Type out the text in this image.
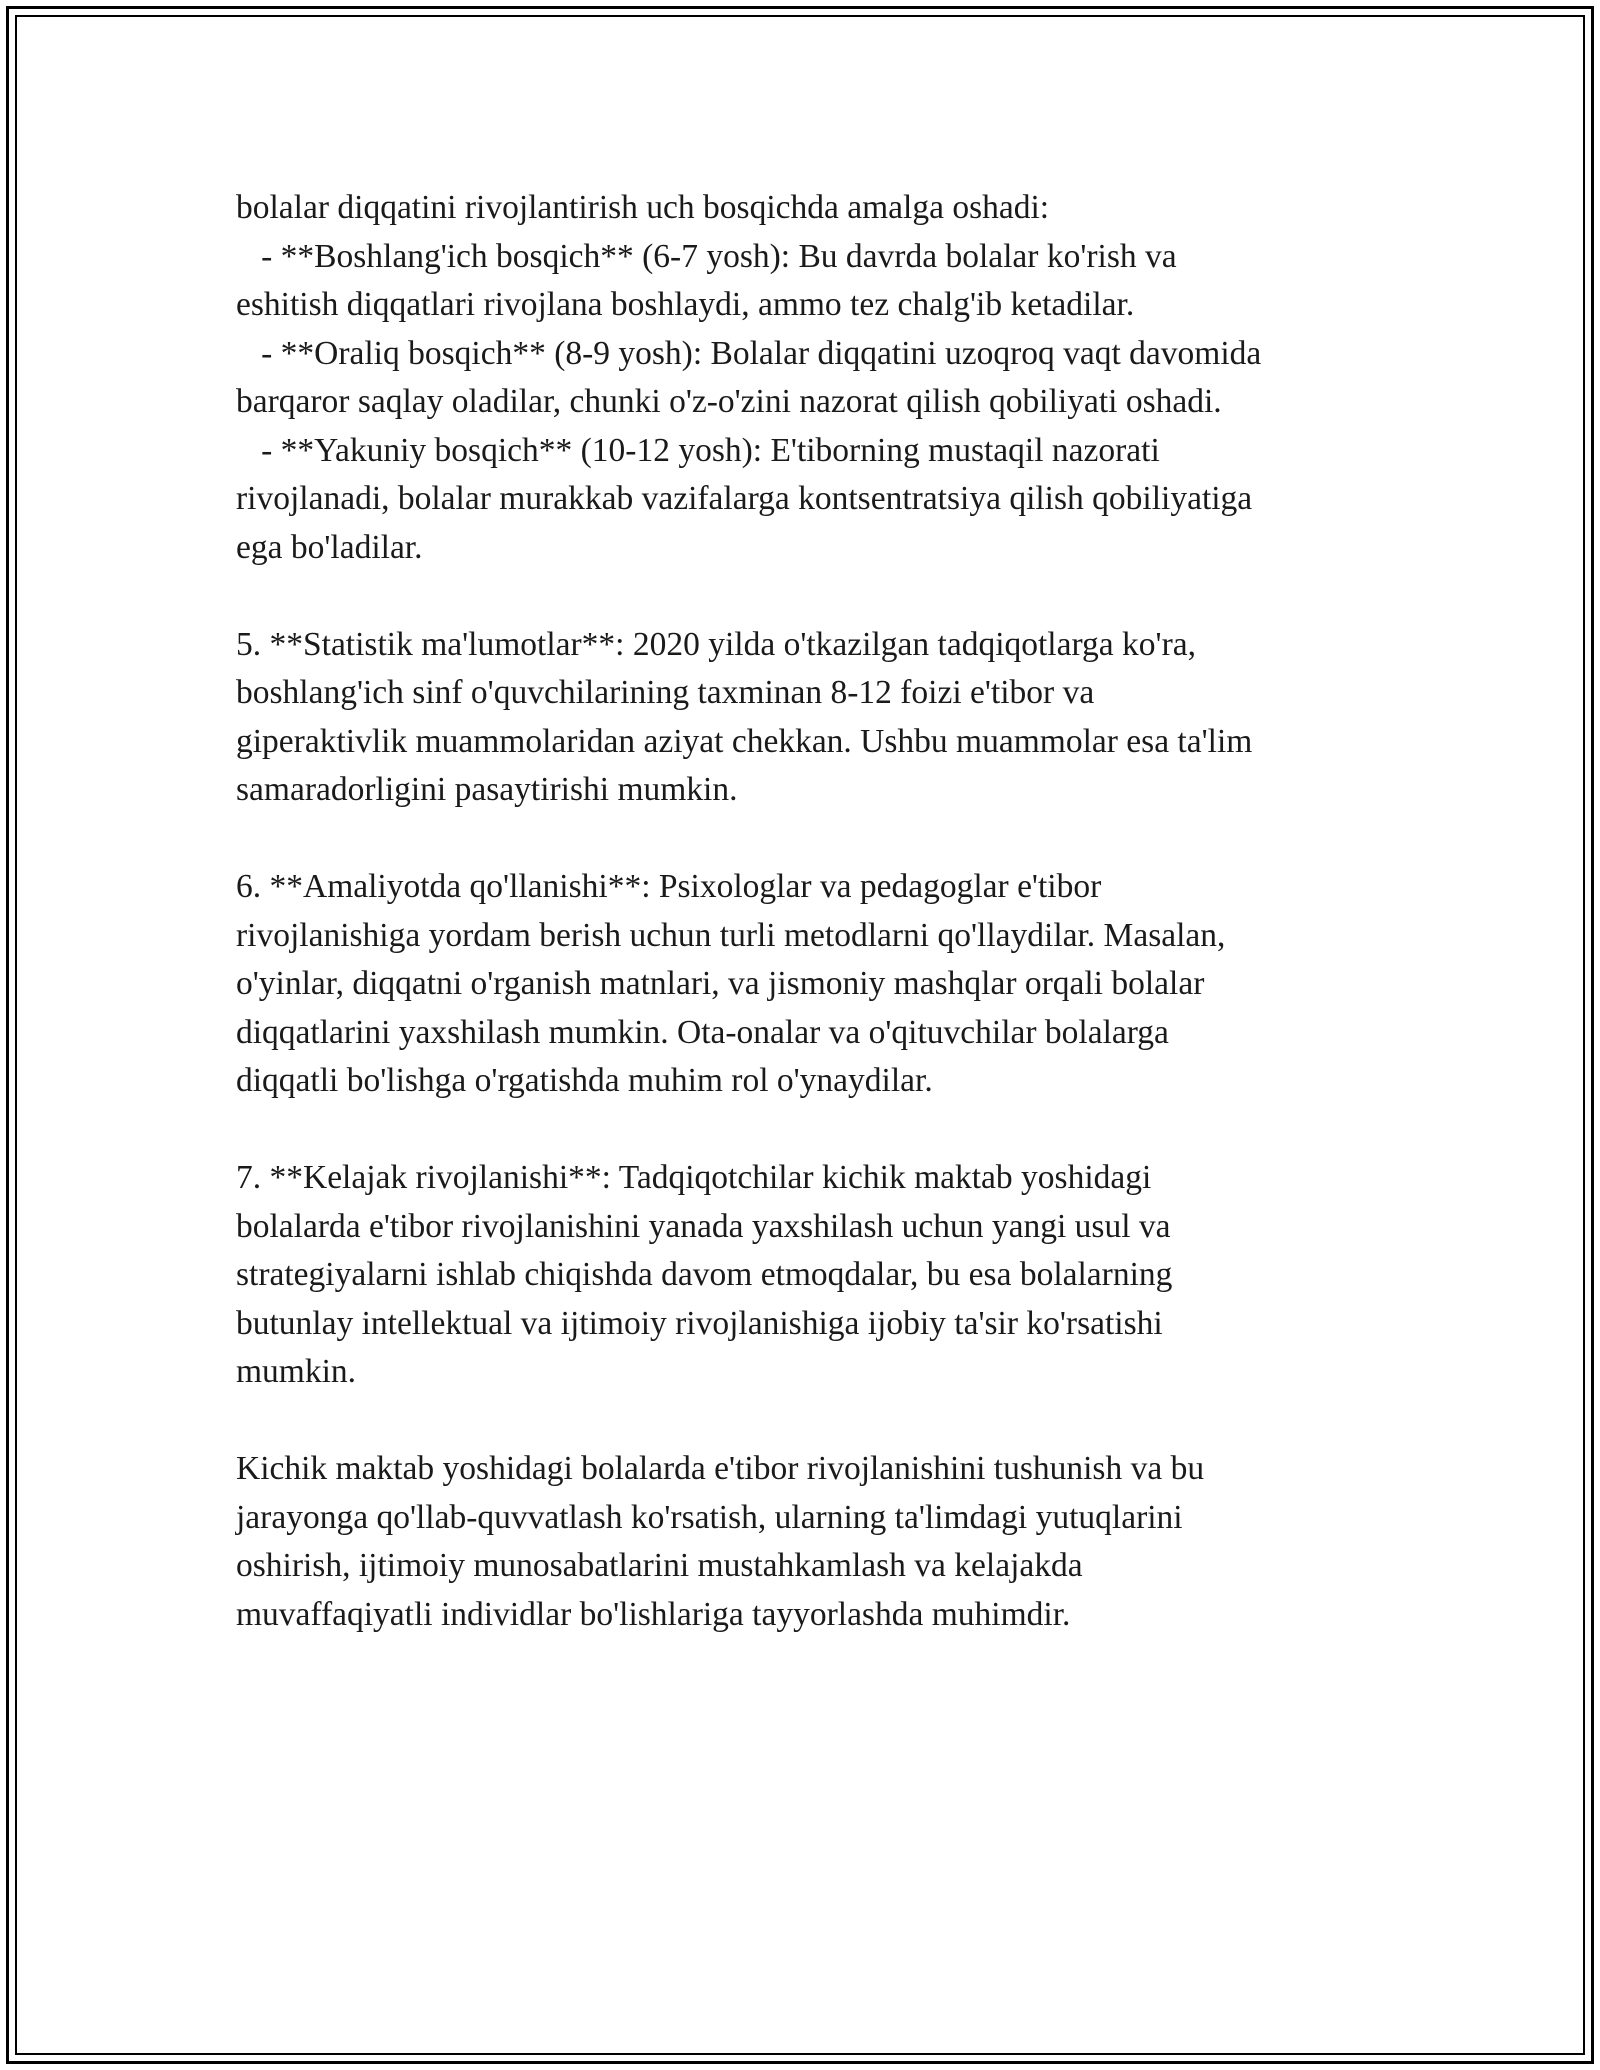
bolalar diqqatini rivojlantirish uch bosqichda amalga oshadi:
- **Boshlang'ich bosqich** (6-7 yosh): Bu davrda bolalar ko'rish va
eshitish diqqatlari rivojlana boshlaydi, ammo tez chalg'ib ketadilar.
- **Oraliq bosqich** (8-9 yosh): Bolalar diqqatini uzoqroq vaqt davomida
barqaror saqlay oladilar, chunki o'z-o'zini nazorat qilish qobiliyati oshadi.
- **Yakuniy bosqich** (10-12 yosh): E'tiborning mustaqil nazorati
rivojlanadi, bolalar murakkab vazifalarga kontsentratsiya qilish qobiliyatiga
ega bo'ladilar.

5. **Statistik ma'lumotlar**: 2020 yilda o'tkazilgan tadqiqotlarga ko'ra,
boshlang'ich sinf o'quvchilarining taxminan 8-12 foizi e'tibor va
giperaktivlik muammolaridan aziyat chekkan. Ushbu muammolar esa ta'lim
samaradorligini pasaytirishi mumkin.

6. **Amaliyotda qo'llanishi**: Psixologlar va pedagoglar e'tibor
rivojlanishiga yordam berish uchun turli metodlarni qo'llaydilar. Masalan,
o'yinlar, diqqatni o'rganish matnlari, va jismoniy mashqlar orqali bolalar
diqqatlarini yaxshilash mumkin. Ota-onalar va o'qituvchilar bolalarga
diqqatli bo'lishga o'rgatishda muhim rol o'ynaydilar.

7. **Kelajak rivojlanishi**: Tadqiqotchilar kichik maktab yoshidagi
bolalarda e'tibor rivojlanishini yanada yaxshilash uchun yangi usul va
strategiyalarni ishlab chiqishda davom etmoqdalar, bu esa bolalarning
butunlay intellektual va ijtimoiy rivojlanishiga ijobiy ta'sir ko'rsatishi
mumkin.

Kichik maktab yoshidagi bolalarda e'tibor rivojlanishini tushunish va bu
jarayonga qo'llab-quvvatlash ko'rsatish, ularning ta'limdagi yutuqlarini
oshirish, ijtimoiy munosabatlarini mustahkamlash va kelajakda
muvaffaqiyatli individlar bo'lishlariga tayyorlashda muhimdir.
